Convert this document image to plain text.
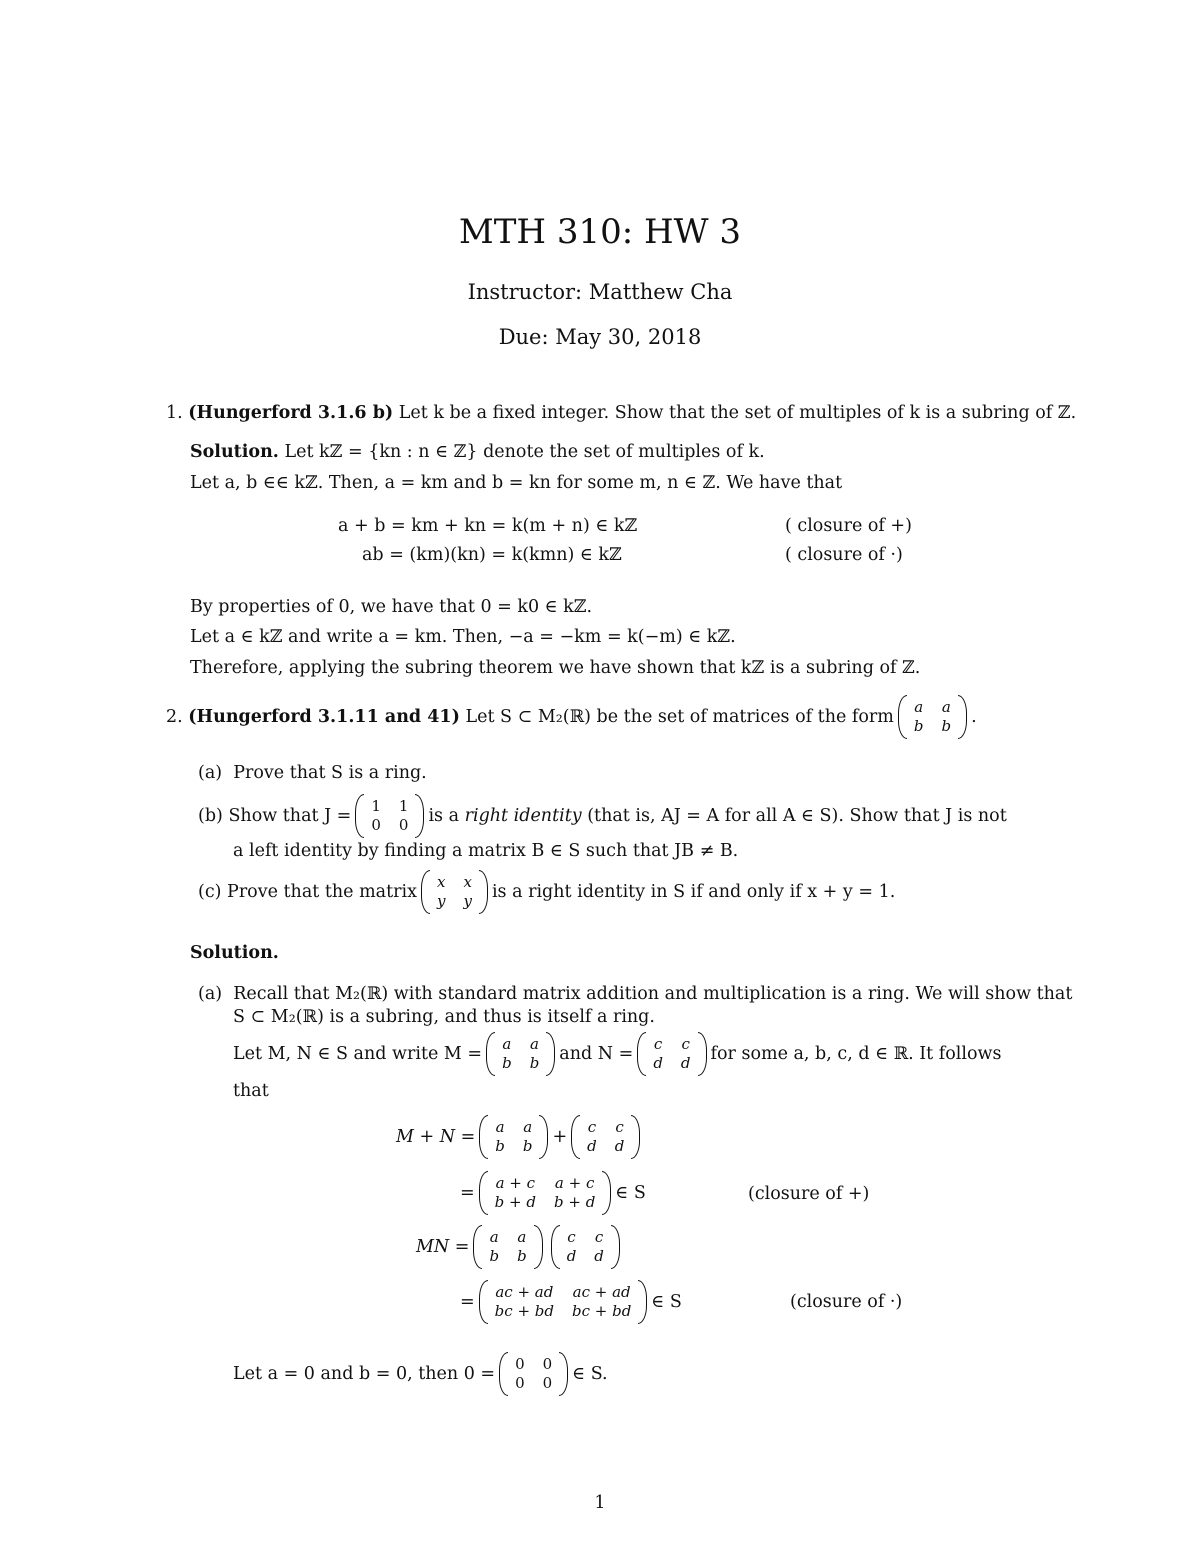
MTH 310: HW 3
Instructor: Matthew Cha
Due: May 30, 2018
1. (Hungerford 3.1.6 b) Let k be a fixed integer. Show that the set of multiples of k is a subring of ℤ.
Solution. Let kℤ = {kn : n ∈ ℤ} denote the set of multiples of k.
Let a, b ∈∈ kℤ. Then, a = km and b = kn for some m, n ∈ ℤ. We have that
a + b = km + kn = k(m + n) ∈ kℤ	( closure of +)
ab = (km)(kn) = k(kmn) ∈ kℤ	( closure of ·)
By properties of 0, we have that 0 = k0 ∈ kℤ.
Let a ∈ kℤ and write a = km. Then, −a = −km = k(−m) ∈ kℤ.
Therefore, applying the subring theorem we have shown that kℤ is a subring of ℤ.
2.
(Hungerford 3.1.11 and 41)
Let S ⊂ M₂(ℝ) be the set of matrices of the form a a
b b .
(a) Prove that S is a ring.
(b)
Show that J = 1 1
0 0 is a
right identity
(that is, AJ = A for all A ∈ S). Show that J is not
a left identity by finding a matrix B ∈ S such that JB ≠ B.
(c)
Prove that the matrix x x
y y is a right identity in S if and only if x + y = 1.
Solution.
(a) Recall that M₂(ℝ) with standard matrix addition and multiplication is a ring. We will show that
S ⊂ M₂(ℝ) is a subring, and thus is itself a ring.
Let M, N ∈ S and write M = a a
b b and N = c c
d d for some a, b, c, d ∈ ℝ. It follows
that
M + N = a a
b b + c c
d d
= a + c a + c
b + d b + d ∈ S	(closure of +)
MN = a a
b b
c c
d d
= ac + ad ac + ad
bc + bd bc + bd ∈ S	(closure of ·)
Let a = 0 and b = 0, then 0 = 0 0
0 0 ∈ S.
1
